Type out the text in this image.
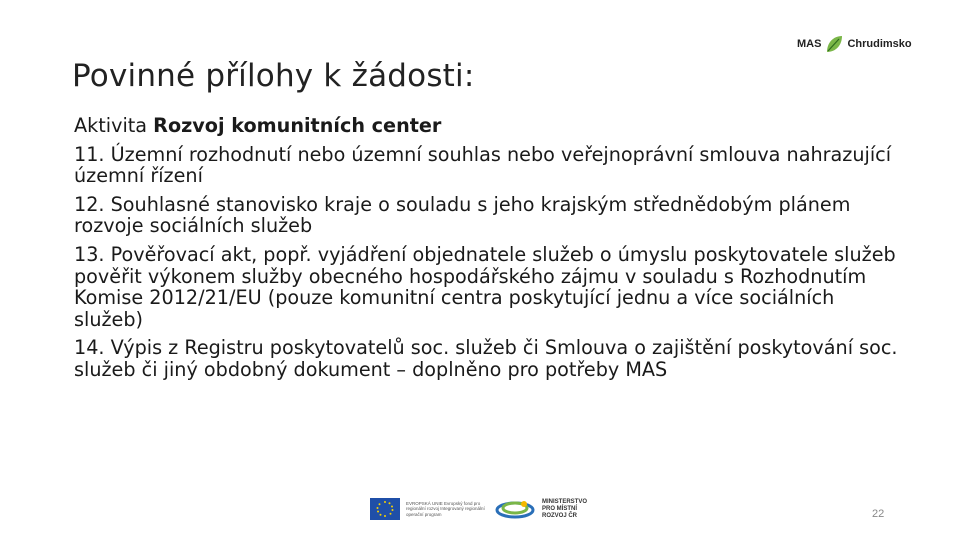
MAS Chrudimsko
Povinné přílohy k žádosti:

Aktivita Rozvoj komunitních center

11. Územní rozhodnutí nebo územní souhlas nebo veřejnoprávní smlouva nahrazující územní řízení

12. Souhlasné stanovisko kraje o souladu s jeho krajským střednědobým plánem rozvoje sociálních služeb

13. Pověřovací akt, popř. vyjádření objednatele služeb o úmyslu poskytovatele služeb pověřit výkonem služby obecného hospodářského zájmu v souladu s Rozhodnutím Komise 2012/21/EU (pouze komunitní centra poskytující jednu a více sociálních služeb)

14. Výpis z Registru poskytovatelů soc. služeb či Smlouva o zajištění poskytování soc. služeb či jiný obdobný dokument – doplněno pro potřeby MAS

EVROPSKÁ UNIE Evropský fond pro regionální rozvoj Integrovaný regionální operační program
MINISTERSTVO PRO MÍSTNÍ ROZVOJ ČR	22
